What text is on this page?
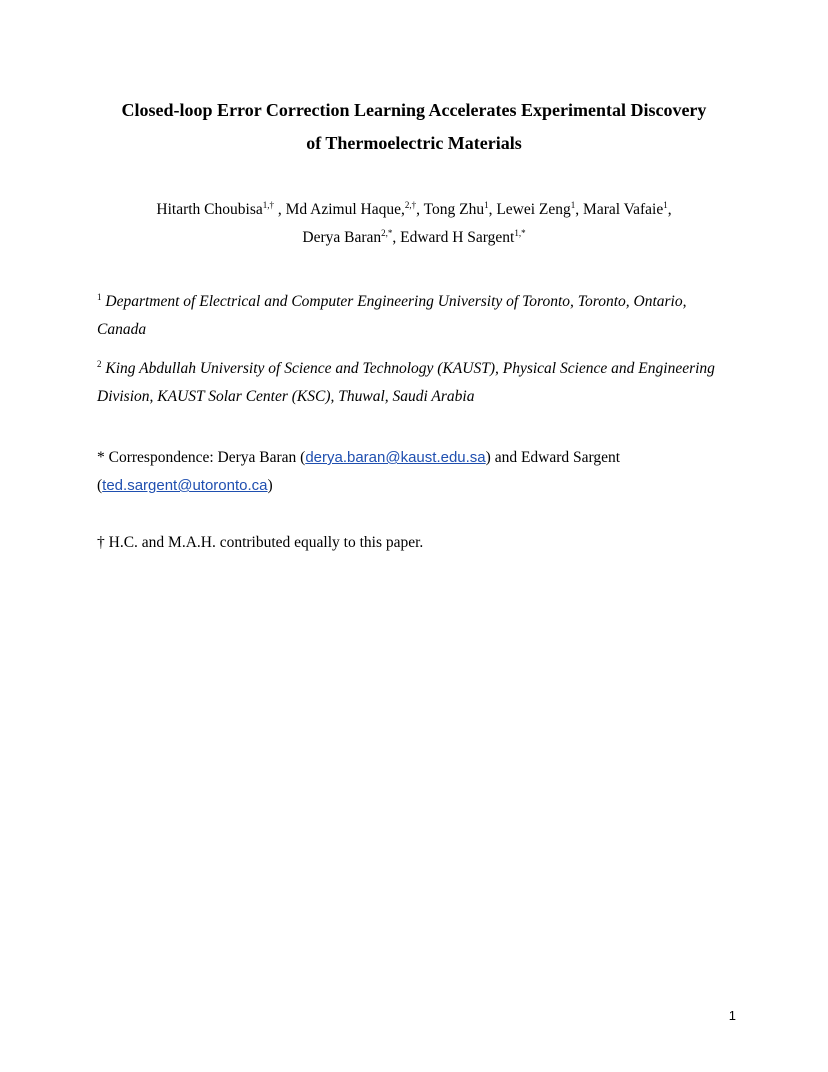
Closed-loop Error Correction Learning Accelerates Experimental Discovery
of Thermoelectric Materials
Hitarth Choubisa$^{1,\dagger}$ , Md Azimul Haque,$^{2,\dagger}$, Tong Zhu$^1$, Lewei Zeng$^1$, Maral Vafaie$^1$,
Derya Baran$^{2,*}$, Edward H Sargent$^{1,*}$
$^1$ Department of Electrical and Computer Engineering University of Toronto, Toronto, Ontario, Canada
$^2$ King Abdullah University of Science and Technology (KAUST), Physical Science and Engineering Division, KAUST Solar Center (KSC), Thuwal, Saudi Arabia
* Correspondence: Derya Baran (derya.baran@kaust.edu.sa) and Edward Sargent
(ted.sargent@utoronto.ca)
† H.C. and M.A.H. contributed equally to this paper.
1
